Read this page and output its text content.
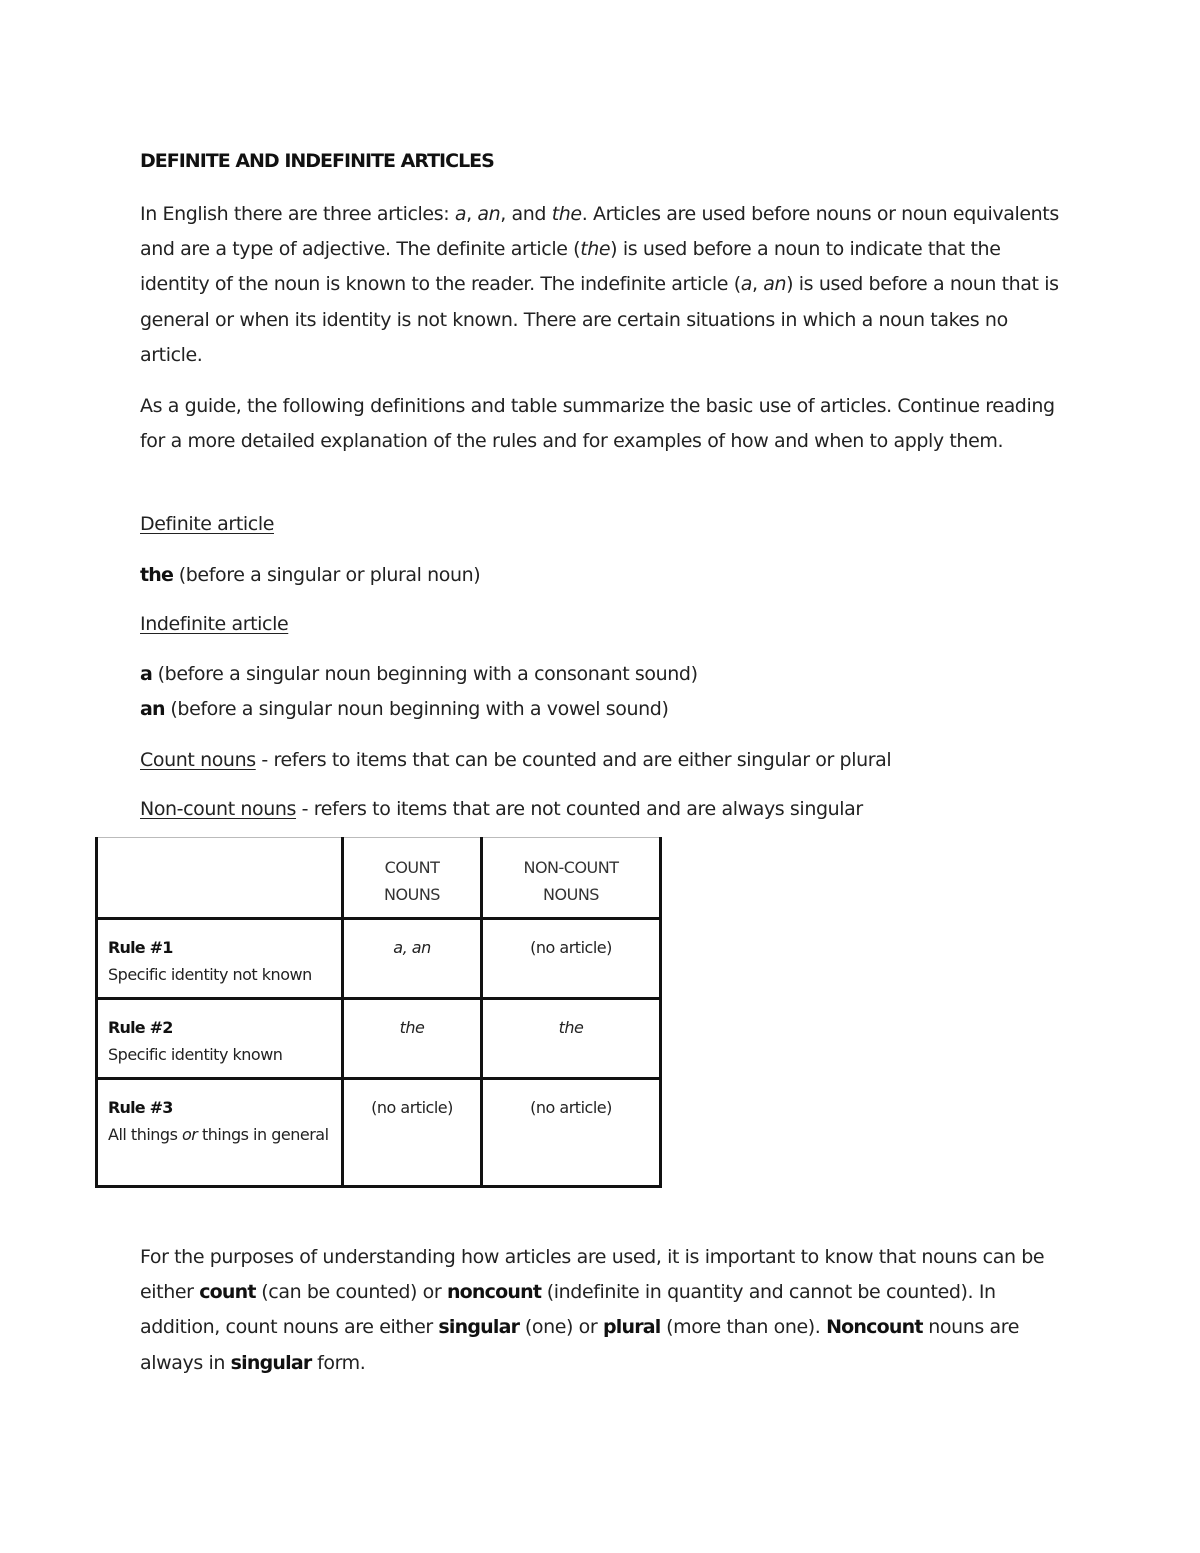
DEFINITE AND INDEFINITE ARTICLES
In English there are three articles: a, an, and the. Articles are used before nouns or noun equivalents and are a type of adjective. The definite article (the) is used before a noun to indicate that the identity of the noun is known to the reader. The indefinite article (a, an) is used before a noun that is general or when its identity is not known. There are certain situations in which a noun takes no article.
As a guide, the following definitions and table summarize the basic use of articles. Continue reading for a more detailed explanation of the rules and for examples of how and when to apply them.
Definite article
the (before a singular or plural noun)
Indefinite article
a (before a singular noun beginning with a consonant sound)
an (before a singular noun beginning with a vowel sound)
Count nouns - refers to items that can be counted and are either singular or plural
Non-count nouns - refers to items that are not counted and are always singular
	COUNT NOUNS	NON-COUNT NOUNS
Rule #1
Specific identity not known	a, an	(no article)
Rule #2
Specific identity known	the	the
Rule #3
All things or things in general	(no article)	(no article)
For the purposes of understanding how articles are used, it is important to know that nouns can be either count (can be counted) or noncount (indefinite in quantity and cannot be counted). In addition, count nouns are either singular (one) or plural (more than one). Noncount nouns are always in singular form.
